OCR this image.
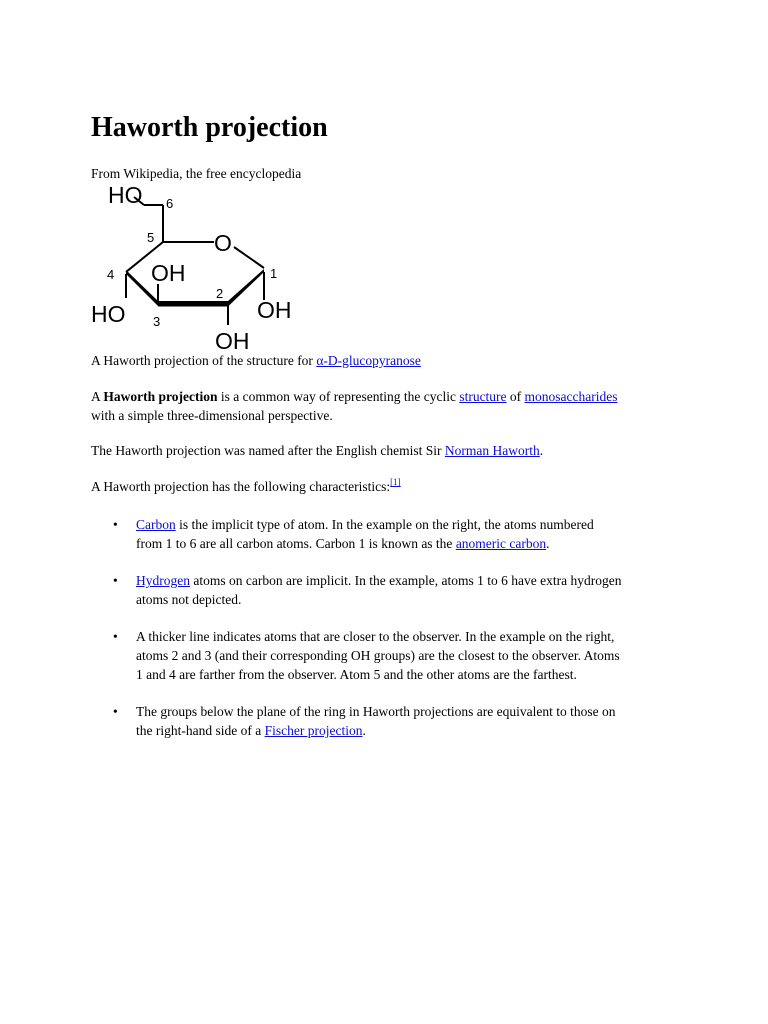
Haworth projection

From Wikipedia, the free encyclopedia

HO 6
5	O
4 OH	1
2
HO 3	OH
OH

A Haworth projection of the structure for α-D-glucopyranose

A Haworth projection is a common way of representing the cyclic structure of monosaccharides
with a simple three-dimensional perspective.

The Haworth projection was named after the English chemist Sir Norman Haworth.

A Haworth projection has the following characteristics:[1]

• Carbon is the implicit type of atom. In the example on the right, the atoms numbered
from 1 to 6 are all carbon atoms. Carbon 1 is known as the anomeric carbon.
• Hydrogen atoms on carbon are implicit. In the example, atoms 1 to 6 have extra hydrogen
atoms not depicted.
• A thicker line indicates atoms that are closer to the observer. In the example on the right,
atoms 2 and 3 (and their corresponding OH groups) are the closest to the observer. Atoms
1 and 4 are farther from the observer. Atom 5 and the other atoms are the farthest.
• The groups below the plane of the ring in Haworth projections are equivalent to those on
the right-hand side of a Fischer projection.
